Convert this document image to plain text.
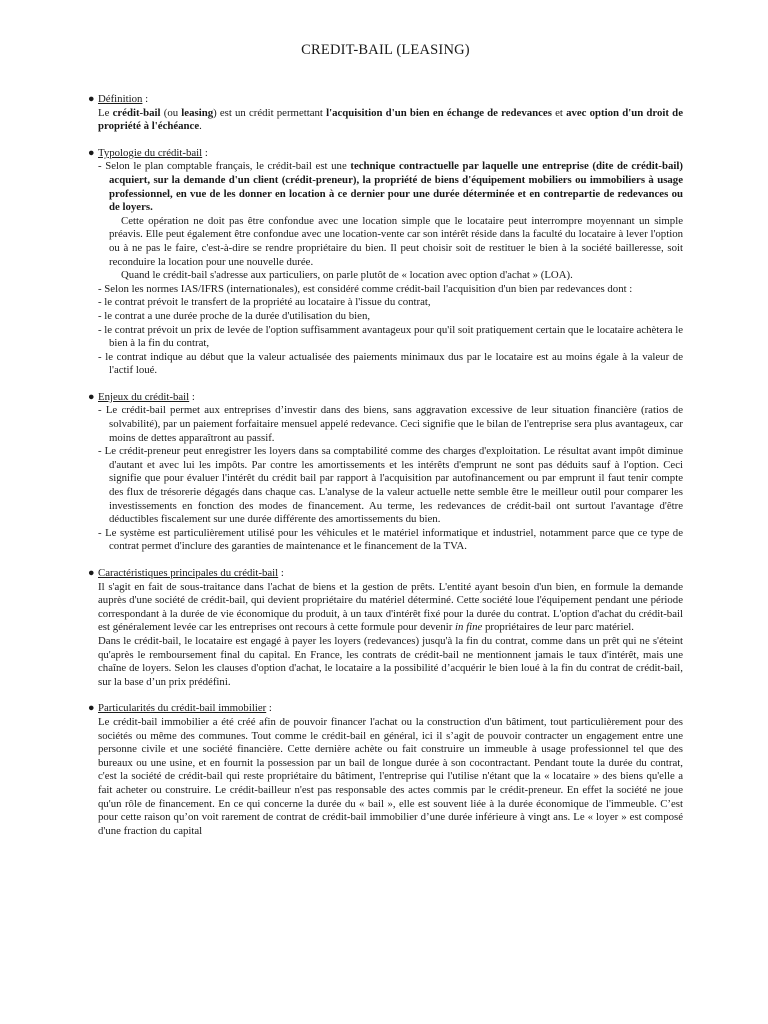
CREDIT-BAIL (LEASING)
● Définition :

Le crédit-bail (ou leasing) est un crédit permettant l'acquisition d'un bien en échange de redevances et avec option d'un droit de propriété à l'échéance.

● Typologie du crédit-bail :

- Selon le plan comptable français, le crédit-bail est une technique contractuelle par laquelle une entreprise (dite de crédit-bail) acquiert, sur la demande d'un client (crédit-preneur), la propriété de biens d'équipement mobiliers ou immobiliers à usage professionnel, en vue de les donner en location à ce dernier pour une durée déterminée et en contrepartie de redevances ou de loyers.

Cette opération ne doit pas être confondue avec une location simple que le locataire peut interrompre moyennant un simple préavis. Elle peut également être confondue avec une location-vente car son intérêt réside dans la faculté du locataire à lever l'option ou à ne pas le faire, c'est-à-dire se rendre propriétaire du bien. Il peut choisir soit de restituer le bien à la société bailleresse, soit reconduire la location pour une nouvelle durée.

Quand le crédit-bail s'adresse aux particuliers, on parle plutôt de « location avec option d'achat » (LOA).

- Selon les normes IAS/IFRS (internationales), est considéré comme crédit-bail l'acquisition d'un bien par redevances dont :

- le contrat prévoit le transfert de la propriété au locataire à l'issue du contrat,

- le contrat a une durée proche de la durée d'utilisation du bien,

- le contrat prévoit un prix de levée de l'option suffisamment avantageux pour qu'il soit pratiquement certain que le locataire achètera le bien à la fin du contrat,

- le contrat indique au début que la valeur actualisée des paiements minimaux dus par le locataire est au moins égale à la valeur de l'actif loué.

● Enjeux du crédit-bail :

- Le crédit-bail permet aux entreprises d’investir dans des biens, sans aggravation excessive de leur situation financière (ratios de solvabilité), par un paiement forfaitaire mensuel appelé redevance. Ceci signifie que le bilan de l'entreprise sera plus avantageux, car moins de dettes apparaîtront au passif.

- Le crédit-preneur peut enregistrer les loyers dans sa comptabilité comme des charges d'exploitation. Le résultat avant impôt diminue d'autant et avec lui les impôts. Par contre les amortissements et les intérêts d'emprunt ne sont pas déduits sauf à l'option. Ceci signifie que pour évaluer l'intérêt du crédit bail par rapport à l'acquisition par autofinancement ou par emprunt il faut tenir compte des flux de trésorerie dégagés dans chaque cas. L'analyse de la valeur actuelle nette semble être le meilleur outil pour comparer les investissements en fonction des modes de financement. Au terme, les redevances de crédit-bail ont surtout l'avantage d'être déductibles fiscalement sur une durée différente des amortissements du bien.

- Le système est particulièrement utilisé pour les véhicules et le matériel informatique et industriel, notamment parce que ce type de contrat permet d'inclure des garanties de maintenance et le financement de la TVA.

● Caractéristiques principales du crédit-bail :

Il s'agit en fait de sous-traitance dans l'achat de biens et la gestion de prêts. L'entité ayant besoin d'un bien, en formule la demande auprès d'une société de crédit-bail, qui devient propriétaire du matériel déterminé. Cette société loue l'équipement pendant une période correspondant à la durée de vie économique du produit, à un taux d'intérêt fixé pour la durée du contrat. L'option d'achat du crédit-bail est généralement levée car les entreprises ont recours à cette formule pour devenir in fine propriétaires de leur parc matériel.

Dans le crédit-bail, le locataire est engagé à payer les loyers (redevances) jusqu'à la fin du contrat, comme dans un prêt qui ne s'éteint qu'après le remboursement final du capital. En France, les contrats de crédit-bail ne mentionnent jamais le taux d'intérêt, mais une chaîne de loyers. Selon les clauses d'option d'achat, le locataire a la possibilité d’acquérir le bien loué à la fin du contrat de crédit-bail, sur la base d’un prix prédéfini.

● Particularités du crédit-bail immobilier :

Le crédit-bail immobilier a été créé afin de pouvoir financer l'achat ou la construction d'un bâtiment, tout particulièrement pour des sociétés ou même des communes. Tout comme le crédit-bail en général, ici il s’agit de pouvoir contracter un engagement entre une personne civile et une société financière. Cette dernière achète ou fait construire un immeuble à usage professionnel tel que des bureaux ou une usine, et en fournit la possession par un bail de longue durée à son cocontractant. Pendant toute la durée du contrat, c'est la société de crédit-bail qui reste propriétaire du bâtiment, l'entreprise qui l'utilise n'étant que la « locataire » des biens qu'elle a fait acheter ou construire. Le crédit-bailleur n'est pas responsable des actes commis par le crédit-preneur. En effet la société ne joue qu'un rôle de financement. En ce qui concerne la durée du « bail », elle est souvent liée à la durée économique de l'immeuble. C’est pour cette raison qu’on voit rarement de contrat de crédit-bail immobilier d’une durée inférieure à vingt ans. Le « loyer » est composé d'une fraction du capital
